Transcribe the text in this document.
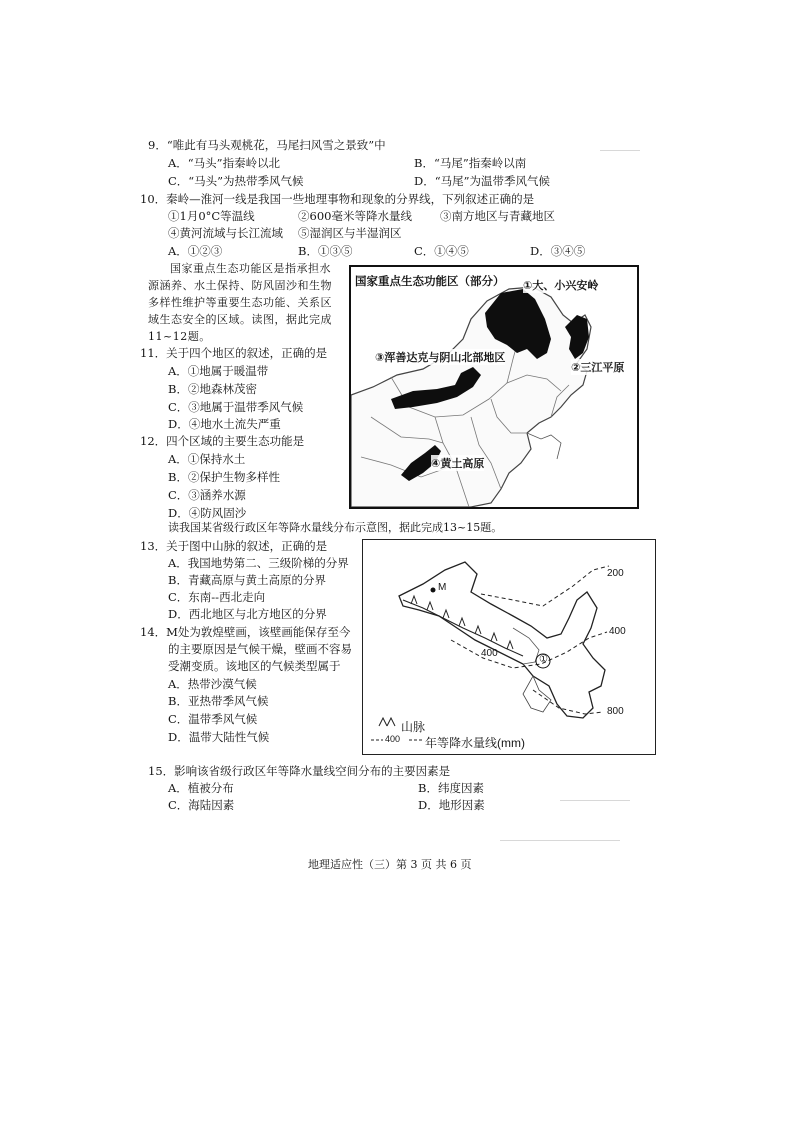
9．“唯此有马头观桃花，马尾扫风雪之景致”中
A．“马头”指秦岭以北	B．“马尾”指秦岭以南
C．“马头”为热带季风气候	D．“马尾”为温带季风气候
10．秦岭—淮河一线是我国一些地理事物和现象的分界线，下列叙述正确的是
①1月0°C等温线	②600毫米等降水量线 ③南方地区与青藏地区
④黄河流域与长江流域 ⑤湿润区与半湿润区
A．①②③	B．①③⑤	C．①④⑤	D．③④⑤
国家重点生态功能区是指承担水源涵养、水土保持、防风固沙和生物多样性维护等重要生态功能、关系区域生态安全的区域。读图，据此完成11~12题。
国家重点生态功能区（部分） ①大、小兴安岭
②三江平原
③浑善达克与阴山北部地区
④黄土高原
11．关于四个地区的叙述，正确的是
A．①地属于暖温带
B．②地森林茂密
C．③地属于温带季风气候
D．④地水土流失严重
12．四个区域的主要生态功能是
A．①保持水土
B．②保护生物多样性
C．③涵养水源
D．④防风固沙
读我国某省级行政区年等降水量线分布示意图，据此完成13~15题。
M
①
200
400
400
800
山脉
400 年等降水量线(mm)
13．关于图中山脉的叙述，正确的是
A．我国地势第二、三级阶梯的分界
B．青藏高原与黄土高原的分界
C．东南--西北走向
D．西北地区与北方地区的分界
14．M处为敦煌壁画，该壁画能保存至今
的主要原因是气候干燥，壁画不容易
受潮变质。该地区的气候类型属于
A．热带沙漠气候
B．亚热带季风气候
C．温带季风气候
D．温带大陆性气候
15．影响该省级行政区年等降水量线空间分布的主要因素是
A．植被分布	B．纬度因素
C．海陆因素	D．地形因素
地理适应性（三）第 3 页 共 6 页
